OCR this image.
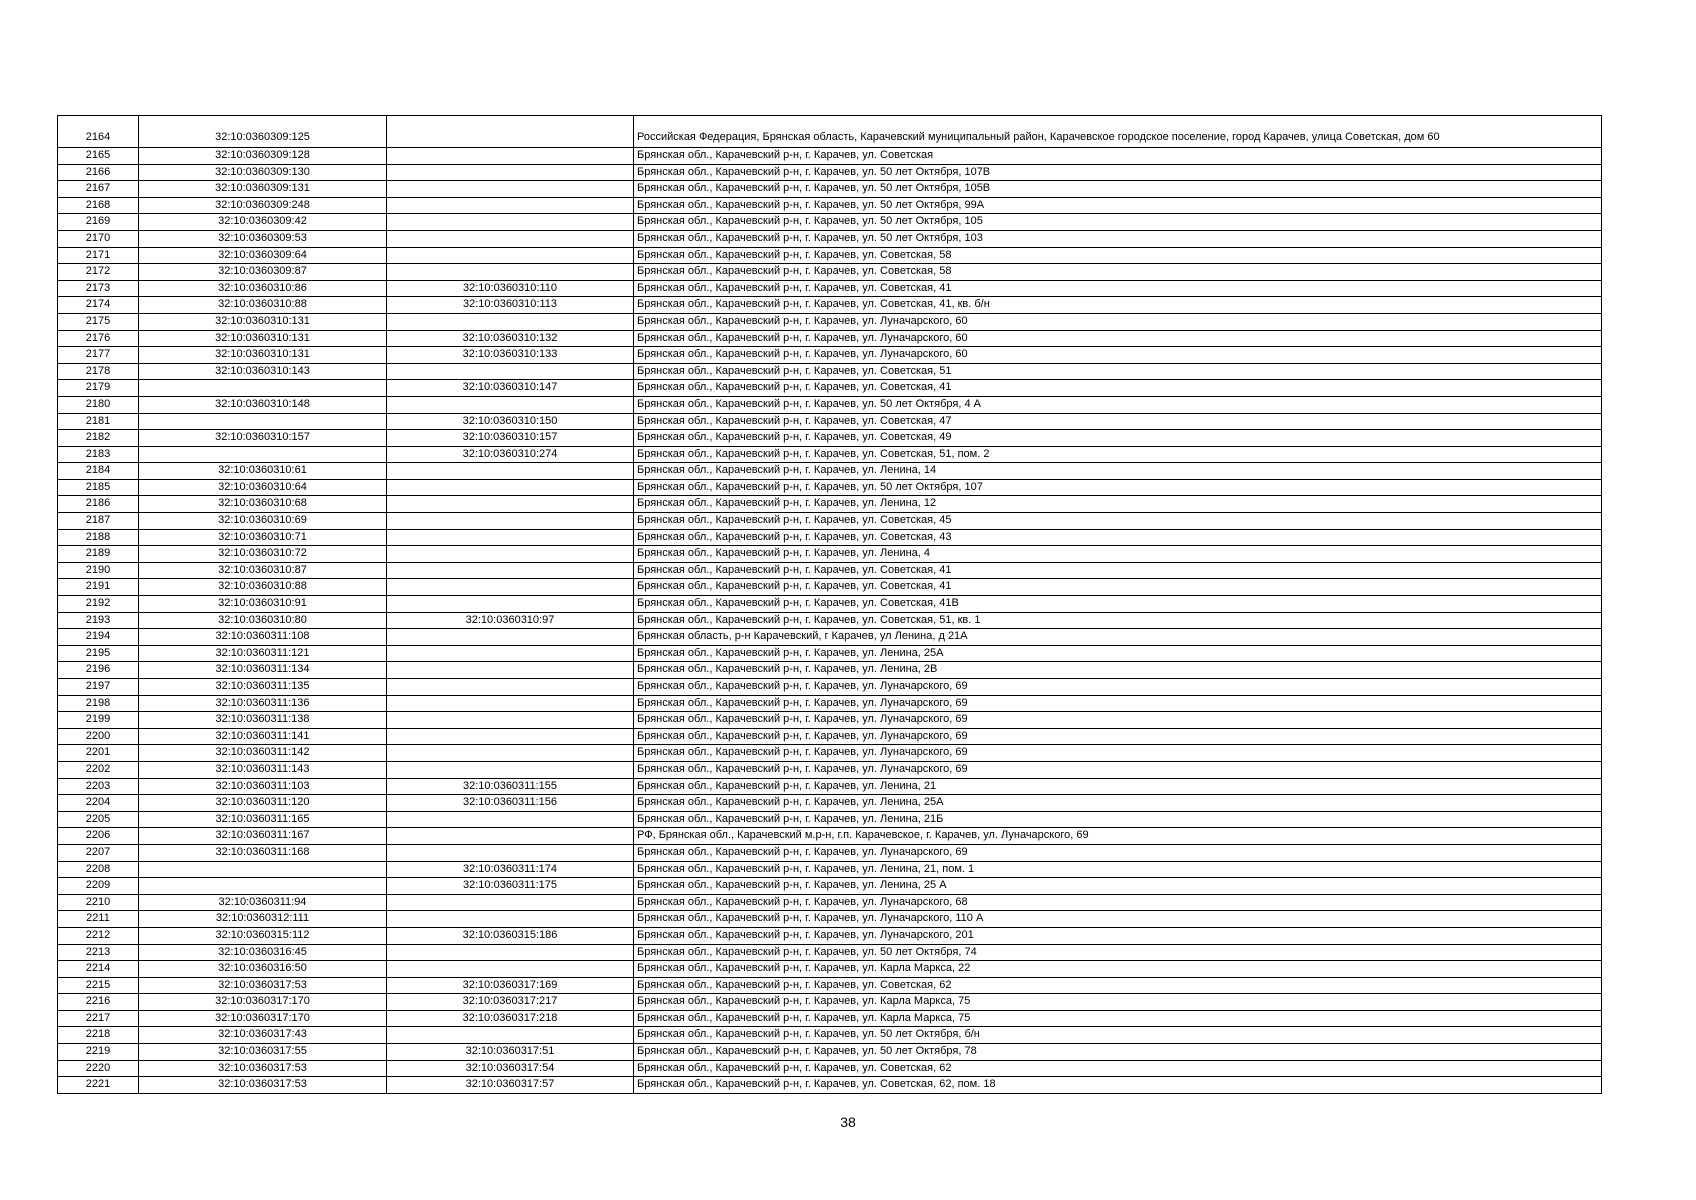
2164	32:10:0360309:125		Российская Федерация, Брянская область, Карачевский муниципальный район, Карачевское городское поселение, город Карачев, улица Советская, дом 60
2165	32:10:0360309:128		Брянская обл., Карачевский р-н, г. Карачев, ул. Советская
2166	32:10:0360309:130		Брянская обл., Карачевский р-н, г. Карачев, ул. 50 лет Октября, 107В
2167	32:10:0360309:131		Брянская обл., Карачевский р-н, г. Карачев, ул. 50 лет Октября, 105В
2168	32:10:0360309:248		Брянская обл., Карачевский р-н, г. Карачев, ул. 50 лет Октября, 99А
2169	32:10:0360309:42		Брянская обл., Карачевский р-н, г. Карачев, ул. 50 лет Октября, 105
2170	32:10:0360309:53		Брянская обл., Карачевский р-н, г. Карачев, ул. 50 лет Октября, 103
2171	32:10:0360309:64		Брянская обл., Карачевский р-н, г. Карачев, ул. Советская, 58
2172	32:10:0360309:87		Брянская обл., Карачевский р-н, г. Карачев, ул. Советская, 58
2173	32:10:0360310:86	32:10:0360310:110	Брянская обл., Карачевский р-н, г. Карачев, ул. Советская, 41
2174	32:10:0360310:88	32:10:0360310:113	Брянская обл., Карачевский р-н, г. Карачев, ул. Советская, 41, кв. б/н
2175	32:10:0360310:131		Брянская обл., Карачевский р-н, г. Карачев, ул. Луначарского, 60
2176	32:10:0360310:131	32:10:0360310:132	Брянская обл., Карачевский р-н, г. Карачев, ул. Луначарского, 60
2177	32:10:0360310:131	32:10:0360310:133	Брянская обл., Карачевский р-н, г. Карачев, ул. Луначарского, 60
2178	32:10:0360310:143		Брянская обл., Карачевский р-н, г. Карачев, ул. Советская, 51
2179		32:10:0360310:147	Брянская обл., Карачевский р-н, г. Карачев, ул. Советская, 41
2180	32:10:0360310:148		Брянская обл., Карачевский р-н, г. Карачев, ул. 50 лет Октября, 4 А
2181		32:10:0360310:150	Брянская обл., Карачевский р-н, г. Карачев, ул. Советская, 47
2182	32:10:0360310:157	32:10:0360310:157	Брянская обл., Карачевский р-н, г. Карачев, ул. Советская, 49
2183		32:10:0360310:274	Брянская обл., Карачевский р-н, г. Карачев, ул. Советская, 51, пом. 2
2184	32:10:0360310:61		Брянская обл., Карачевский р-н, г. Карачев, ул. Ленина, 14
2185	32:10:0360310:64		Брянская обл., Карачевский р-н, г. Карачев, ул. 50 лет Октября, 107
2186	32:10:0360310:68		Брянская обл., Карачевский р-н, г. Карачев, ул. Ленина, 12
2187	32:10:0360310:69		Брянская обл., Карачевский р-н, г. Карачев, ул. Советская, 45
2188	32:10:0360310:71		Брянская обл., Карачевский р-н, г. Карачев, ул. Советская, 43
2189	32:10:0360310:72		Брянская обл., Карачевский р-н, г. Карачев, ул. Ленина, 4
2190	32:10:0360310:87		Брянская обл., Карачевский р-н, г. Карачев, ул. Советская, 41
2191	32:10:0360310:88		Брянская обл., Карачевский р-н, г. Карачев, ул. Советская, 41
2192	32:10:0360310:91		Брянская обл., Карачевский р-н, г. Карачев, ул. Советская, 41В
2193	32:10:0360310:80	32:10:0360310:97	Брянская обл., Карачевский р-н, г. Карачев, ул. Советская, 51, кв. 1
2194	32:10:0360311:108		Брянская область, р-н Карачевский, г Карачев, ул Ленина, д 21А
2195	32:10:0360311:121		Брянская обл., Карачевский р-н, г. Карачев, ул. Ленина, 25А
2196	32:10:0360311:134		Брянская обл., Карачевский р-н, г. Карачев, ул. Ленина, 2В
2197	32:10:0360311:135		Брянская обл., Карачевский р-н, г. Карачев, ул. Луначарского, 69
2198	32:10:0360311:136		Брянская обл., Карачевский р-н, г. Карачев, ул. Луначарского, 69
2199	32:10:0360311:138		Брянская обл., Карачевский р-н, г. Карачев, ул. Луначарского, 69
2200	32:10:0360311:141		Брянская обл., Карачевский р-н, г. Карачев, ул. Луначарского, 69
2201	32:10:0360311:142		Брянская обл., Карачевский р-н, г. Карачев, ул. Луначарского, 69
2202	32:10:0360311:143		Брянская обл., Карачевский р-н, г. Карачев, ул. Луначарского, 69
2203	32:10:0360311:103	32:10:0360311:155	Брянская обл., Карачевский р-н, г. Карачев, ул. Ленина, 21
2204	32:10:0360311:120	32:10:0360311:156	Брянская обл., Карачевский р-н, г. Карачев, ул. Ленина, 25А
2205	32:10:0360311:165		Брянская обл., Карачевский р-н, г. Карачев, ул. Ленина, 21Б
2206	32:10:0360311:167		РФ, Брянская обл., Карачевский м.р-н, г.п. Карачевское, г. Карачев, ул. Луначарского, 69
2207	32:10:0360311:168		Брянская обл., Карачевский р-н, г. Карачев, ул. Луначарского, 69
2208		32:10:0360311:174	Брянская обл., Карачевский р-н, г. Карачев, ул. Ленина, 21, пом. 1
2209		32:10:0360311:175	Брянская обл., Карачевский р-н, г. Карачев, ул. Ленина, 25 А
2210	32:10:0360311:94		Брянская обл., Карачевский р-н, г. Карачев, ул. Луначарского, 68
2211	32:10:0360312:111		Брянская обл., Карачевский р-н, г. Карачев, ул. Луначарского, 110 А
2212	32:10:0360315:112	32:10:0360315:186	Брянская обл., Карачевский р-н, г. Карачев, ул. Луначарского, 201
2213	32:10:0360316:45		Брянская обл., Карачевский р-н, г. Карачев, ул. 50 лет Октября, 74
2214	32:10:0360316:50		Брянская обл., Карачевский р-н, г. Карачев, ул. Карла Маркса, 22
2215	32:10:0360317:53	32:10:0360317:169	Брянская обл., Карачевский р-н, г. Карачев, ул. Советская, 62
2216	32:10:0360317:170	32:10:0360317:217	Брянская обл., Карачевский р-н, г. Карачев, ул. Карла Маркса, 75
2217	32:10:0360317:170	32:10:0360317:218	Брянская обл., Карачевский р-н, г. Карачев, ул. Карла Маркса, 75
2218	32:10:0360317:43		Брянская обл., Карачевский р-н, г. Карачев, ул. 50 лет Октября, б/н
2219	32:10:0360317:55	32:10:0360317:51	Брянская обл., Карачевский р-н, г. Карачев, ул. 50 лет Октября, 78
2220	32:10:0360317:53	32:10:0360317:54	Брянская обл., Карачевский р-н, г. Карачев, ул. Советская, 62
2221	32:10:0360317:53	32:10:0360317:57	Брянская обл., Карачевский р-н, г. Карачев, ул. Советская, 62, пом. 18
38
